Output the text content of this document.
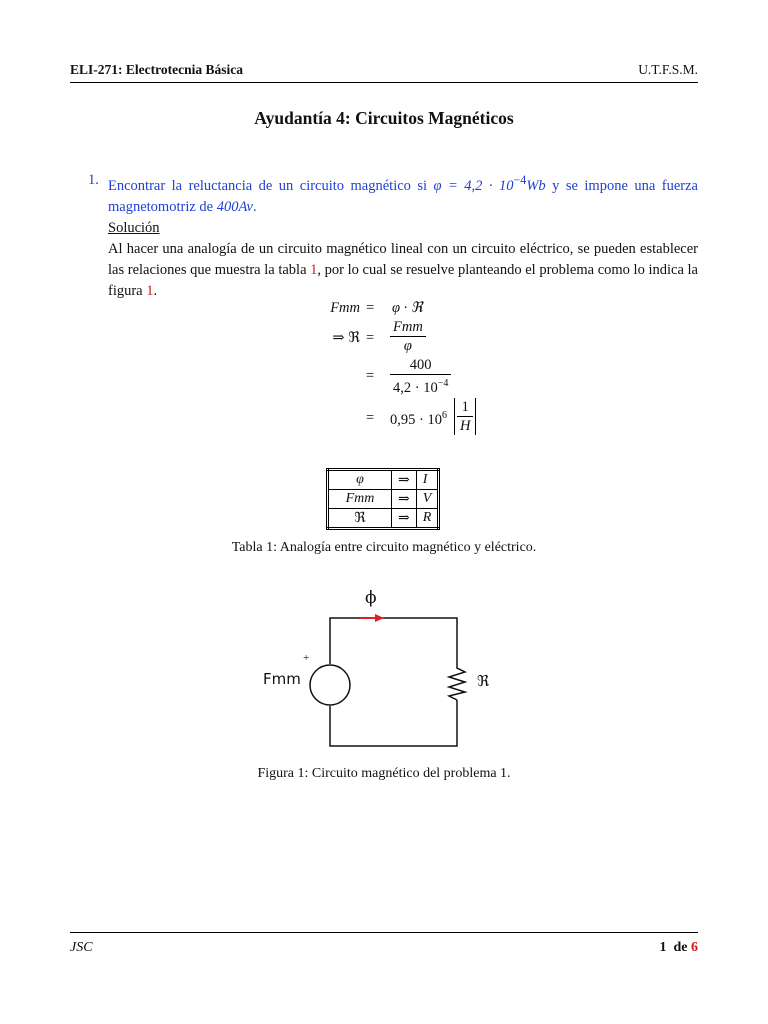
ELI-271: Electrotecnia Básica	U.T.F.S.M.
Ayudantía 4: Circuitos Magnéticos
1. Encontrar la reluctancia de un circuito magnético si $\varphi = 4,2 \cdot 10^{-4}Wb$ y se impone una fuerza magnetomotriz de 400Av.
Solución
Al hacer una analogía de un circuito magnético lineal con un circuito eléctrico, se pueden establecer las relaciones que muestra la tabla 1, por lo cual se resuelve planteando el problema como lo indica la figura 1.
Fmm = φ · ℜ
⇒ ℜ = $\frac{\text{Fmm}}{\varphi}$
= $\frac{400}{4,2 \cdot 10^{-4}}$
= $0,95 \cdot 10^6 \frac{1}{H}$
φ	⇒	I
Fmm	⇒	V
ℜ	⇒	R
Tabla 1: Analogía entre circuito magnético y eléctrico.
ϕ
+
Fmm	ℜ
Figura 1: Circuito magnético del problema 1.
JSC	1 de 6
